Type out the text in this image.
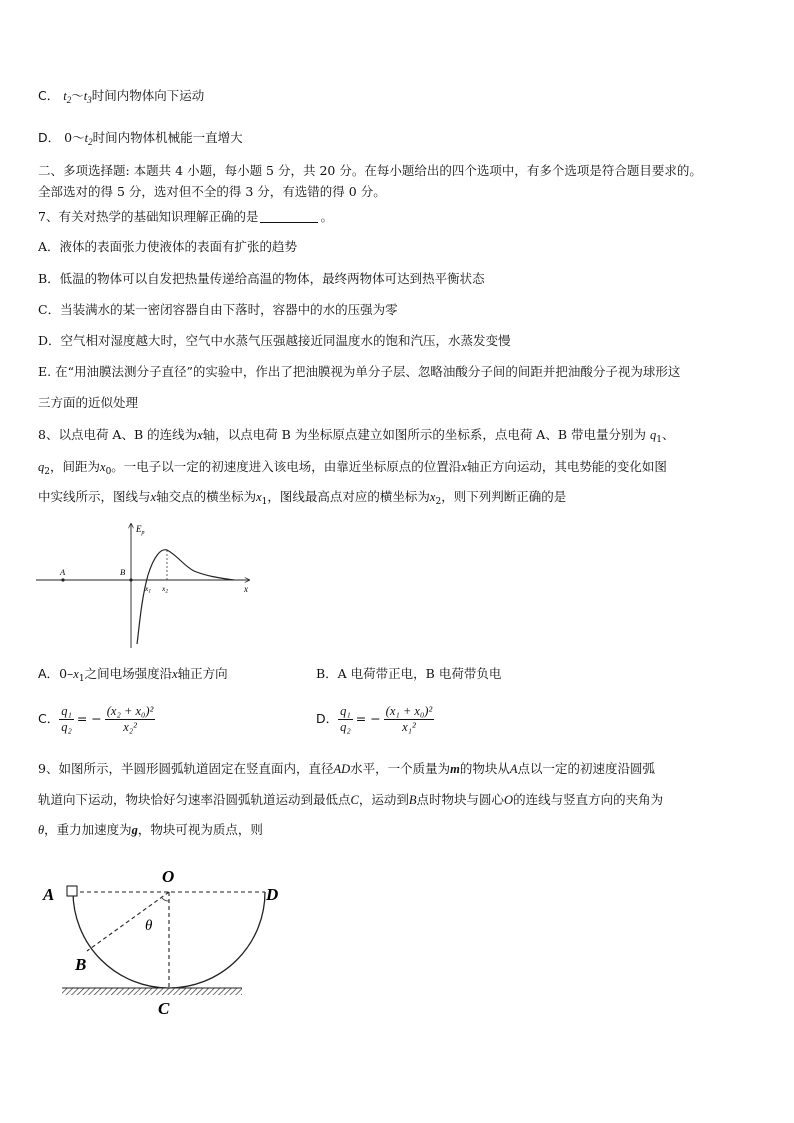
C． $t_2\sim t_3$时间内物体向下运动
D． $0\sim t_2$时间内物体机械能一直增大
二、多项选择题: 本题共 4 小题，每小题 5 分，共 20 分。在每小题给出的四个选项中，有多个选项是符合题目要求的。
全部选对的得 5 分，选对但不全的得 3 分，有选错的得 0 分。
7、有关对热学的基础知识理解正确的是	。
A．液体的表面张力使液体的表面有扩张的趋势
B．低温的物体可以自发把热量传递给高温的物体，最终两物体可达到热平衡状态
C．当装满水的某一密闭容器自由下落时，容器中的水的压强为零
D．空气相对湿度越大时，空气中水蒸气压强越接近同温度水的饱和汽压，水蒸发变慢
E. 在“用油膜法测分子直径”的实验中，作出了把油膜视为单分子层、忽略油酸分子间的间距并把油酸分子视为球形这
三方面的近似处理
8、以点电荷 A、B 的连线为x轴，以点电荷 B 为坐标原点建立如图所示的坐标系，点电荷 A、B 带电量分别为 $q_1$、
$q_2$，间距为$x_0$。一电子以一定的初速度进入该电场，由靠近坐标原点的位置沿x轴正方向运动，其电势能的变化如图
中实线所示，图线与x轴交点的横坐标为$x_1$，图线最高点对应的横坐标为$x_2$，则下列判断正确的是
$E_p$
x
A	B
$x_1$ $x_2$
A．$0-x_1$之间电场强度沿x轴正方向	B．A 电荷带正电，B 电荷带负电
C． $\frac{\text{q₁}}{\text{q₂}}$ = − $\frac{\text{(x₂ + x₀)²}}{\text{x₂²}}$	D． $\frac{\text{q₁}}{\text{q₂}}$ = − $\frac{\text{(x₁ + x₀)²}}{\text{x₁²}}$
9、如图所示，半圆形圆弧轨道固定在竖直面内，直径AD水平，一个质量为m的物块从A点以一定的初速度沿圆弧
轨道向下运动，物块恰好匀速率沿圆弧轨道运动到最低点C，运动到B点时物块与圆心O的连线与竖直方向的夹角为
θ，重力加速度为g，物块可视为质点，则
O
A	D
θ
B
C
